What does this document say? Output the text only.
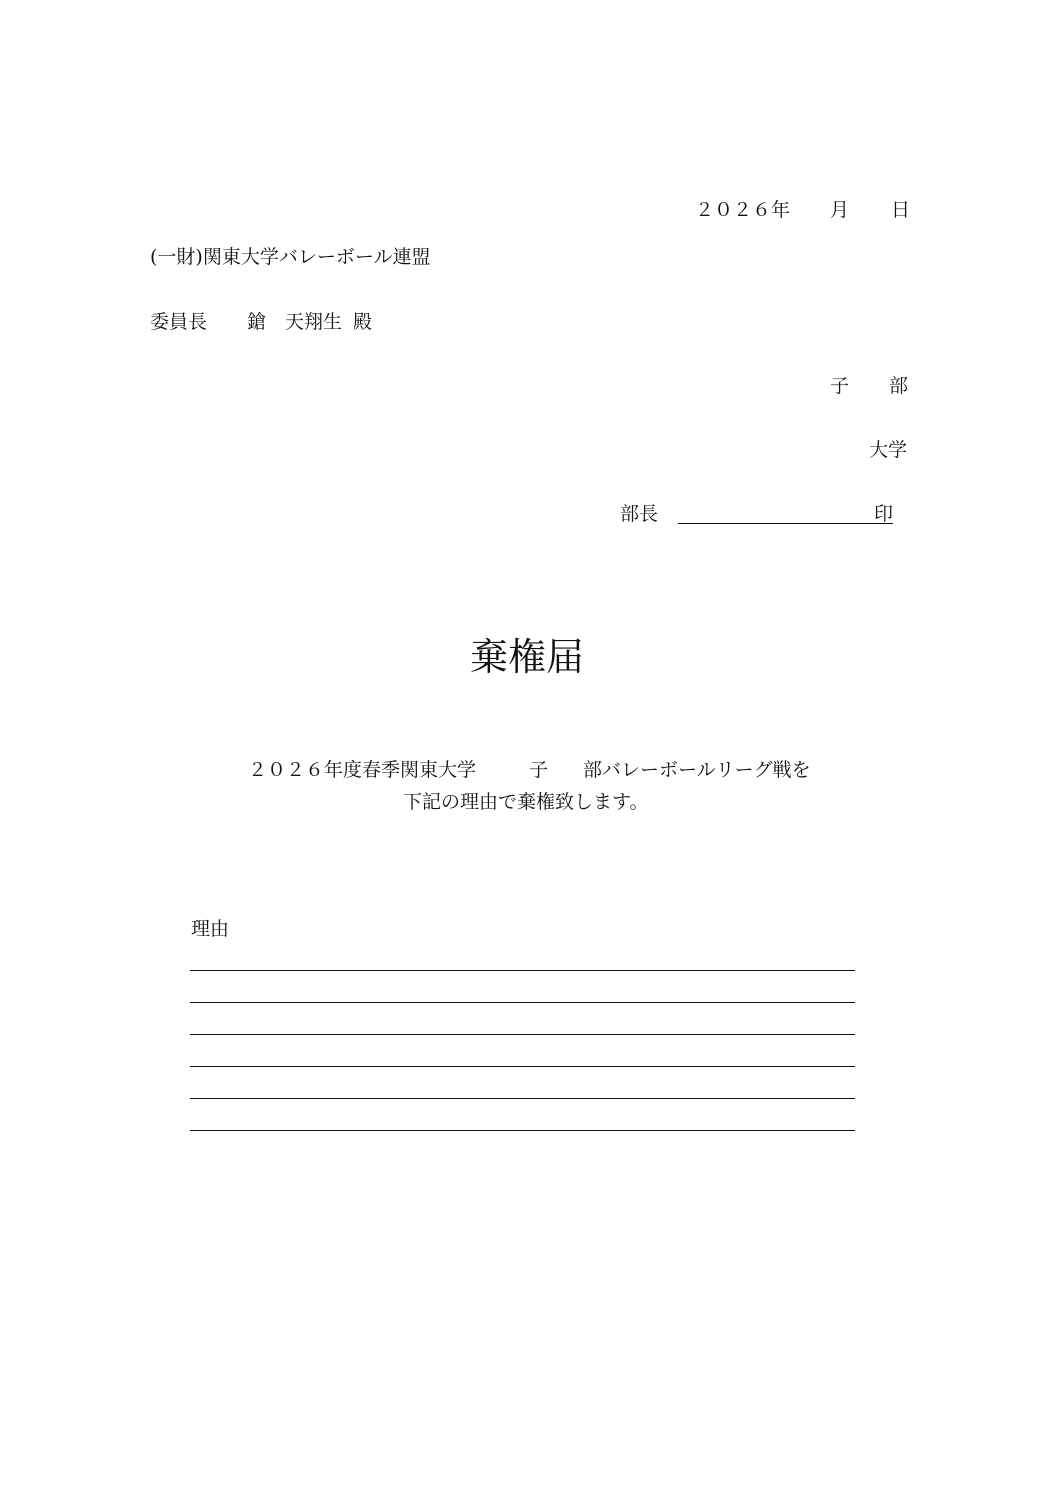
２０２６年 月 日
(一財)関東大学バレーボール連盟
委員長 鎗　天翔生 殿
子 部
大学
部長	印
棄権届
２０２６年度春季関東大学	子 部バレーボールリーグ戦を
下記の理由で棄権致します。
理由
